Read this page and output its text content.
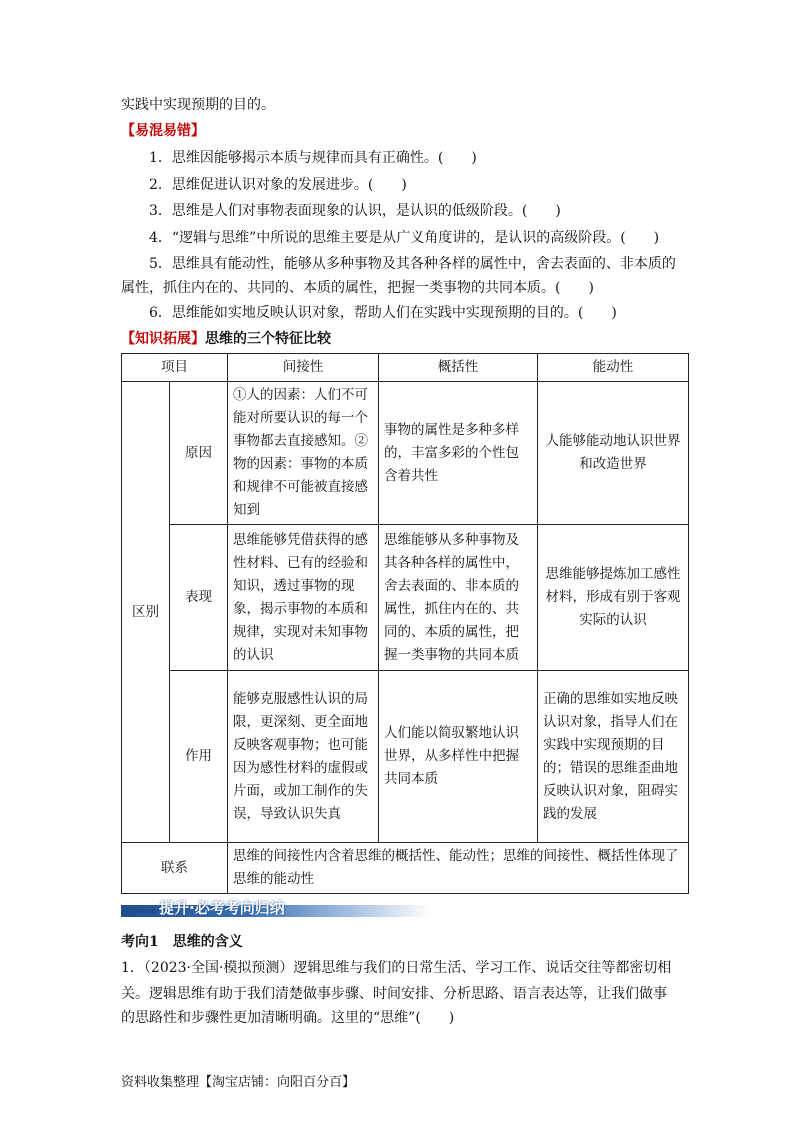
实践中实现预期的目的。
【易混易错】
1．思维因能够揭示本质与规律而具有正确性。(　　)
2．思维促进认识对象的发展进步。(　　)
3．思维是人们对事物表面现象的认识，是认识的低级阶段。(　　)
4．“逻辑与思维”中所说的思维主要是从广义角度讲的，是认识的高级阶段。(　　)
5．思维具有能动性，能够从多种事物及其各种各样的属性中，舍去表面的、非本质的
属性，抓住内在的、共同的、本质的属性，把握一类事物的共同本质。(　　)
6．思维能如实地反映认识对象，帮助人们在实践中实现预期的目的。(　　)
【知识拓展】思维的三个特征比较
项目		间接性	概括性	能动性
区别	原因	①人的因素：人们不可能对所要认识的每一个事物都去直接感知。②物的因素：事物的本质和规律不可能被直接感知到	事物的属性是多种多样的，丰富多彩的个性包含着共性	人能够能动地认识世界和改造世界
	表现	思维能够凭借获得的感性材料、已有的经验和知识，透过事物的现象，揭示事物的本质和规律，实现对未知事物的认识	思维能够从多种事物及其各种各样的属性中，舍去表面的、非本质的属性，抓住内在的、共同的、本质的属性，把握一类事物的共同本质	思维能够提炼加工感性材料，形成有别于客观实际的认识
	作用	能够克服感性认识的局限，更深刻、更全面地反映客观事物；也可能因为感性材料的虚假或片面，或加工制作的失误，导致认识失真	人们能以简驭繁地认识世界，从多样性中把握共同本质	正确的思维如实地反映认识对象，指导人们在实践中实现预期的目的；错误的思维歪曲地反映认识对象，阻碍实践的发展
联系		思维的间接性内含着思维的概括性、能动性；思维的间接性、概括性体现了思维的能动性		
提升·必考考向归纳
考向1　思维的含义
1．（2023·全国·模拟预测）逻辑思维与我们的日常生活、学习工作、说话交往等都密切相
关。逻辑思维有助于我们清楚做事步骤、时间安排、分析思路、语言表达等，让我们做事
的思路性和步骤性更加清晰明确。这里的“思维”(　　)
资料收集整理【淘宝店铺：向阳百分百】
